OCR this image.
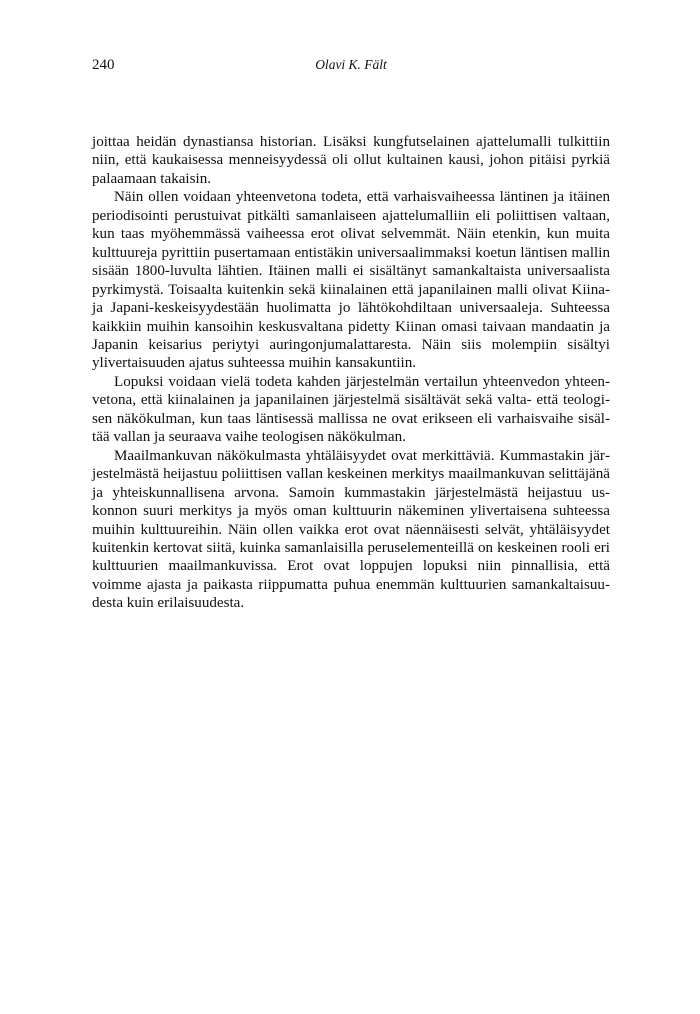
240	Olavi K. Fält

joittaa heidän dynastiansa historian. Lisäksi kungfutselainen ajattelumalli tulkittiin niin, että kaukaisessa menneisyydessä oli ollut kultainen kausi, johon pitäisi pyrkiä palaamaan takaisin.

Näin ollen voidaan yhteenvetona todeta, että varhaisvaiheessa läntinen ja itäinen periodisointi perustuivat pitkälti samanlaiseen ajattelumalliin eli poliittisen valtaan, kun taas myöhemmässä vaiheessa erot olivat selvemmät. Näin etenkin, kun muita kulttuureja pyrittiin pusertamaan entistäkin universaalimmaksi koetun läntisen mallin sisään 1800-luvulta lähtien. Itäinen malli ei sisältänyt samankaltaista universaalista pyrkimystä. Toisaalta kuitenkin sekä kiinalainen että japanilainen malli olivat Kiina- ja Japani-keskeisyydestään huolimatta jo lähtökohdiltaan universaaleja. Suhteessa kaikkiin muihin kansoihin keskusvaltana pidetty Kiinan omasi taivaan mandaatin ja Japanin keisarius periytyi auringonjumalattaresta. Näin siis molempiin sisältyi ylivertaisuuden ajatus suhteessa muihin kansakuntiin.

Lopuksi voidaan vielä todeta kahden järjestelmän vertailun yhteenvedon yhteenvetona, että kiinalainen ja japanilainen järjestelmä sisältävät sekä valta- että teologisen näkökulman, kun taas läntisessä mallissa ne ovat erikseen eli varhaisvaihe sisältää vallan ja seuraava vaihe teologisen näkökulman.

Maailmankuvan näkökulmasta yhtäläisyydet ovat merkittäviä. Kummastakin järjestelmästä heijastuu poliittisen vallan keskeinen merkitys maailmankuvan selittäjänä ja yhteiskunnallisena arvona. Samoin kummastakin järjestelmästä heijastuu uskonnon suuri merkitys ja myös oman kulttuurin näkeminen ylivertaisena suhteessa muihin kulttuureihin. Näin ollen vaikka erot ovat näennäisesti selvät, yhtäläisyydet kuitenkin kertovat siitä, kuinka samanlaisilla peruselementeillä on keskeinen rooli eri kulttuurien maailmankuvissa. Erot ovat loppujen lopuksi niin pinnallisia, että voimme ajasta ja paikasta riippumatta puhua enemmän kulttuurien samankaltaisuudesta kuin erilaisuudesta.
